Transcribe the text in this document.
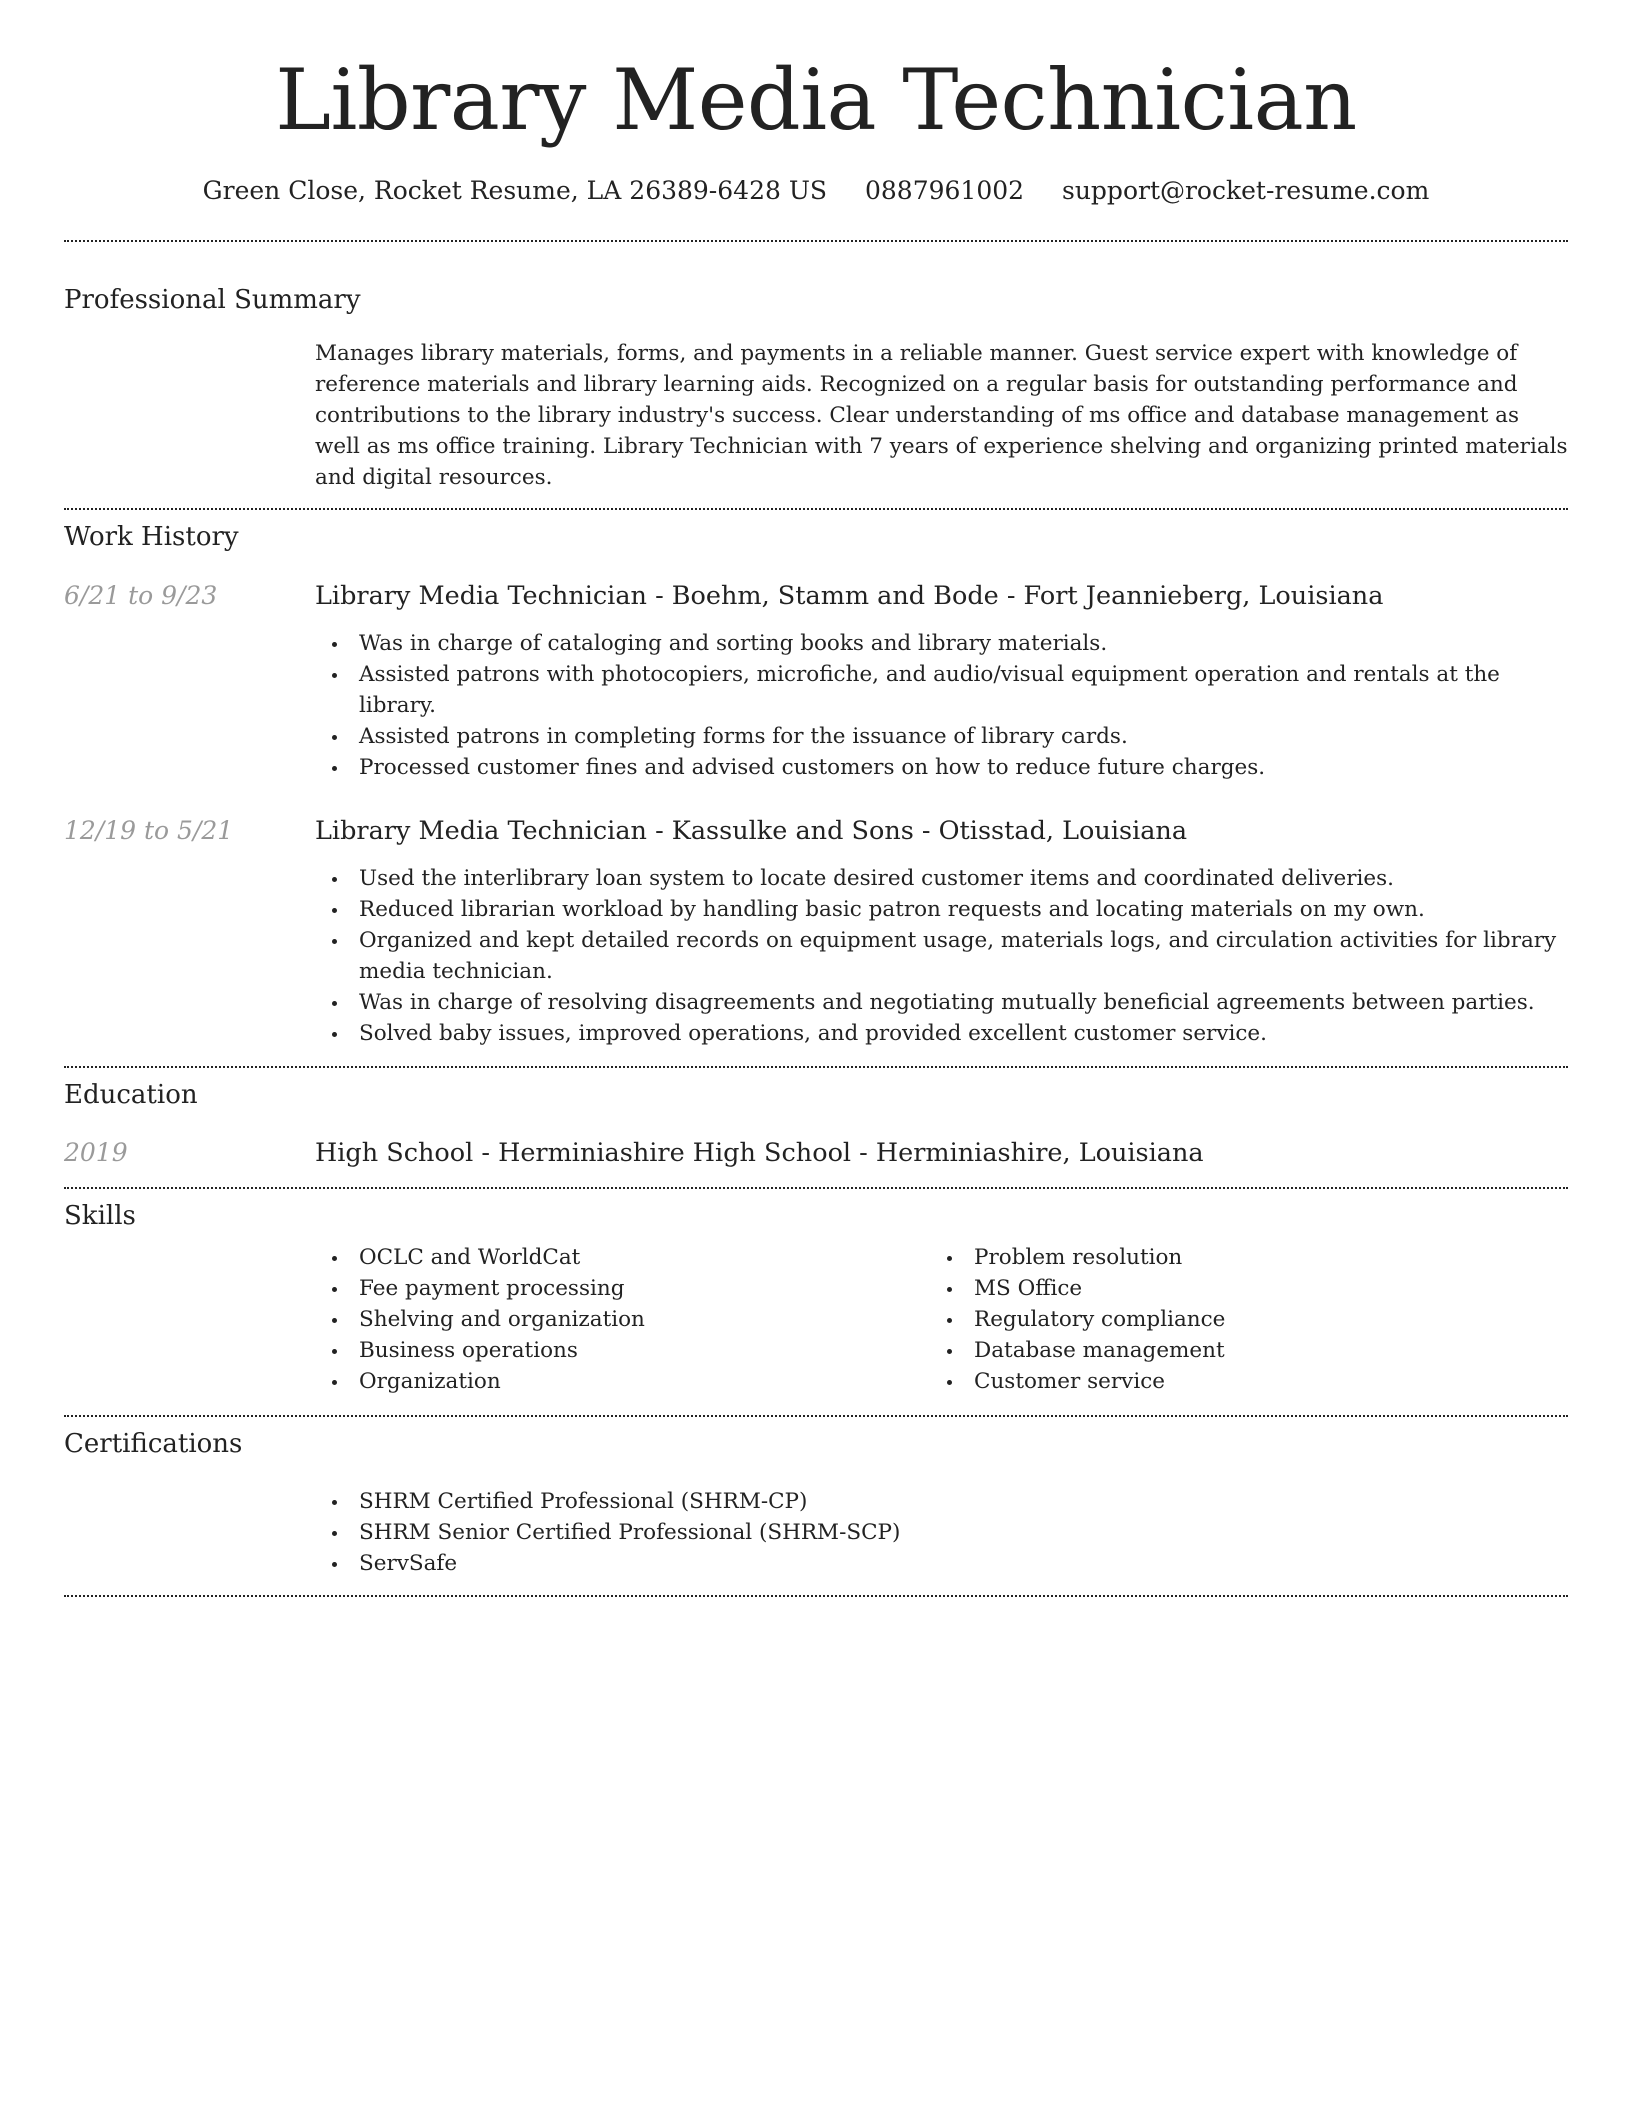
Library Media Technician
Green Close, Rocket Resume, LA 26389-6428 US 0887961002 support@rocket-resume.com
Professional Summary
Manages library materials, forms, and payments in a reliable manner. Guest service expert with knowledge of reference materials and library learning aids. Recognized on a regular basis for outstanding performance and contributions to the library industry's success. Clear understanding of ms office and database management as well as ms office training. Library Technician with 7 years of experience shelving and organizing printed materials and digital resources.
Work History
6/21 to 9/23	Library Media Technician - Boehm, Stamm and Bode - Fort Jeannieberg, Louisiana
Was in charge of cataloging and sorting books and library materials.
Assisted patrons with photocopiers, microfiche, and audio/visual equipment operation and rentals at the library.
Assisted patrons in completing forms for the issuance of library cards.
Processed customer fines and advised customers on how to reduce future charges.
12/19 to 5/21	Library Media Technician - Kassulke and Sons - Otisstad, Louisiana
Used the interlibrary loan system to locate desired customer items and coordinated deliveries.
Reduced librarian workload by handling basic patron requests and locating materials on my own.
Organized and kept detailed records on equipment usage, materials logs, and circulation activities for library media technician.
Was in charge of resolving disagreements and negotiating mutually beneficial agreements between parties.
Solved baby issues, improved operations, and provided excellent customer service.
Education
2019	High School - Herminiashire High School - Herminiashire, Louisiana
Skills
OCLC and WorldCat
Fee payment processing
Shelving and organization
Business operations
Organization
Problem resolution
MS Office
Regulatory compliance
Database management
Customer service
Certifications
SHRM Certified Professional (SHRM-CP)
SHRM Senior Certified Professional (SHRM-SCP)
ServSafe
